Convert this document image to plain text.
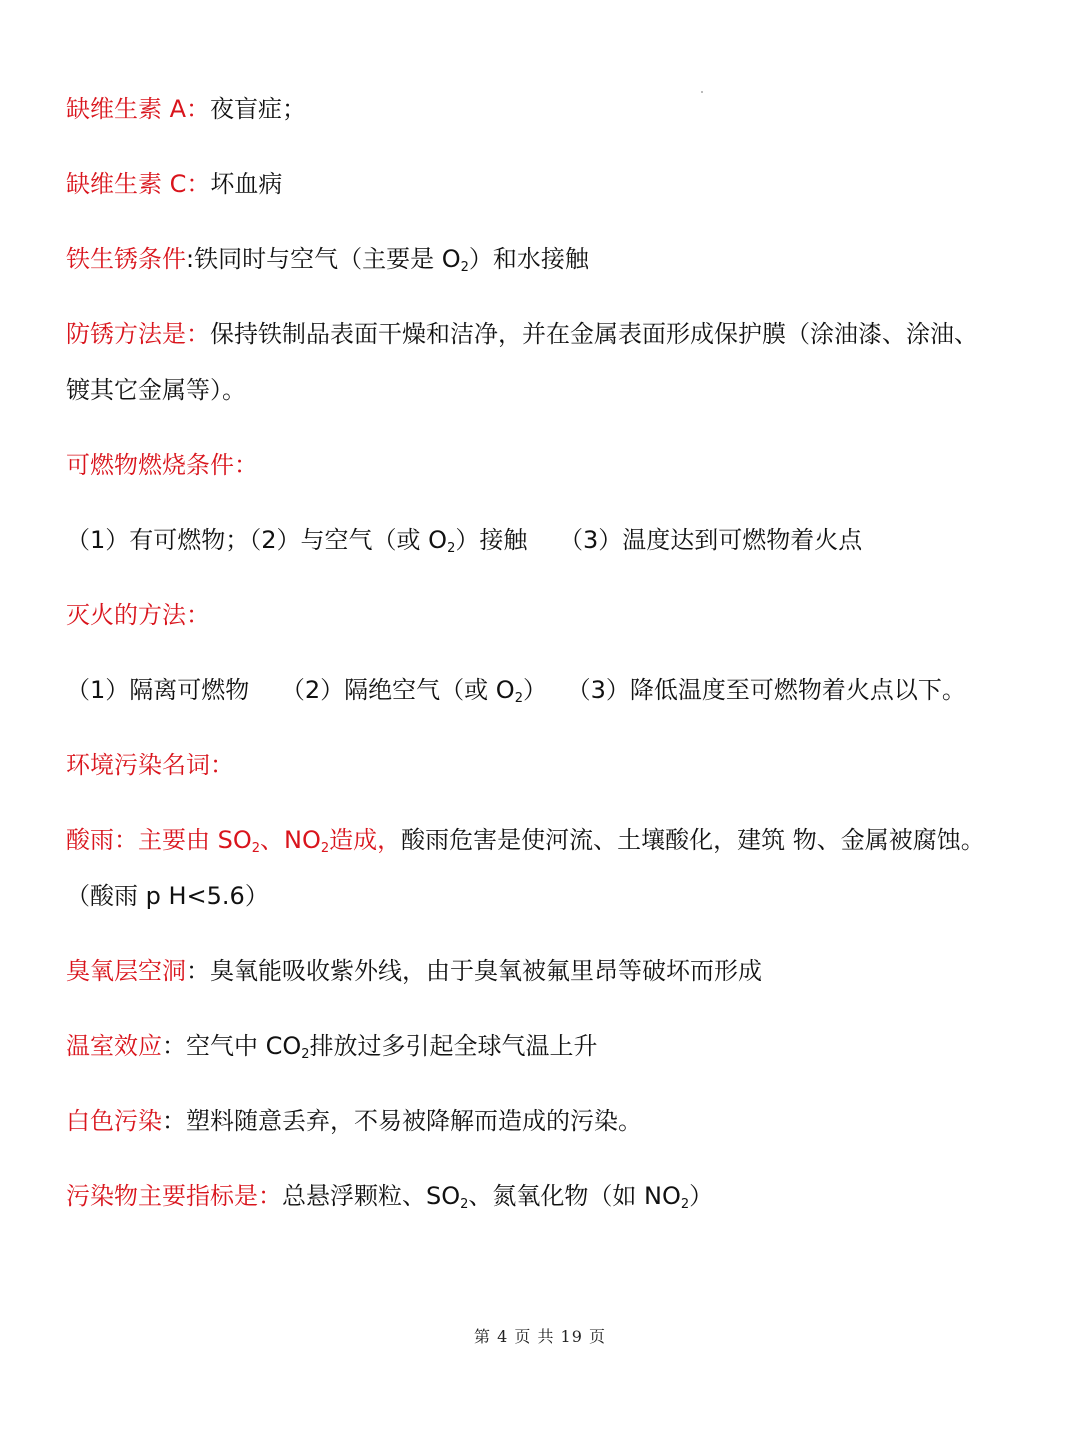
缺维生素 A：夜盲症；
缺维生素 C：坏血病
铁生锈条件:铁同时与空气（主要是 $O_2$）和水接触
防锈方法是：保持铁制品表面干燥和洁净，并在金属表面形成保护膜（涂油漆、涂油、
镀其它金属等）。
可燃物燃烧条件：
（1）有可燃物；（2）与空气（或 $O_2$）接触　 （3）温度达到可燃物着火点
灭火的方法：
（1）隔离可燃物　 （2）隔绝空气（或 $O_2$）　 （3）降低温度至可燃物着火点以下。
环境污染名词：
酸雨：主要由 $SO_2$、$NO_2$造成，酸雨危害是使河流、土壤酸化，建筑 物、金属被腐蚀。
（酸雨 p H<5.6）
臭氧层空洞：臭氧能吸收紫外线，由于臭氧被氟里昂等破坏而形成
温室效应：空气中 $CO_2$排放过多引起全球气温上升
白色污染：塑料随意丢弃，不易被降解而造成的污染。
污染物主要指标是：总悬浮颗粒、$SO_2$、氮氧化物（如 $NO_2$）
第 4 页 共 19 页
